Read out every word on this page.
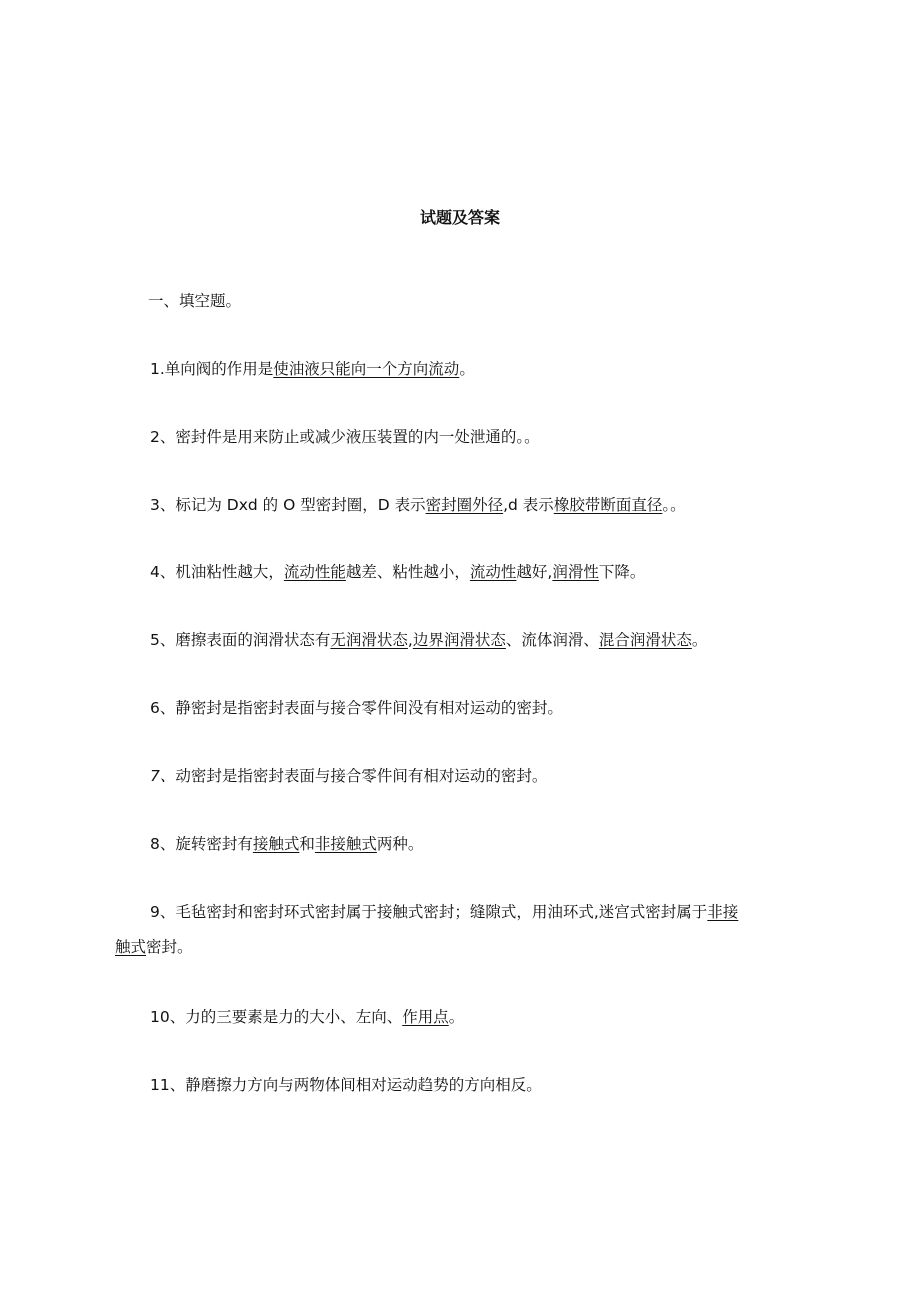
试题及答案
一、填空题。
1.单向阀的作用是使油液只能向一个方向流动。
2、密封件是用来防止或减少液压装置的内一处泄通的。。
3、标记为 Dxd 的 O 型密封圈，D 表示密封圈外径,d 表示橡胶带断面直径。。
4、机油粘性越大，流动性能越差、粘性越小，流动性越好,润滑性下降。
5、磨擦表面的润滑状态有无润滑状态,边界润滑状态、流体润滑、混合润滑状态。
6、静密封是指密封表面与接合零件间没有相对运动的密封。
7、动密封是指密封表面与接合零件间有相对运动的密封。
8、旋转密封有接触式和非接触式两种。
9、毛毡密封和密封环式密封属于接触式密封；缝隙式，用油环式,迷宫式密封属于非接
触式密封。
10、力的三要素是力的大小、左向、作用点。
11、静磨擦力方向与两物体间相对运动趋势的方向相反。
